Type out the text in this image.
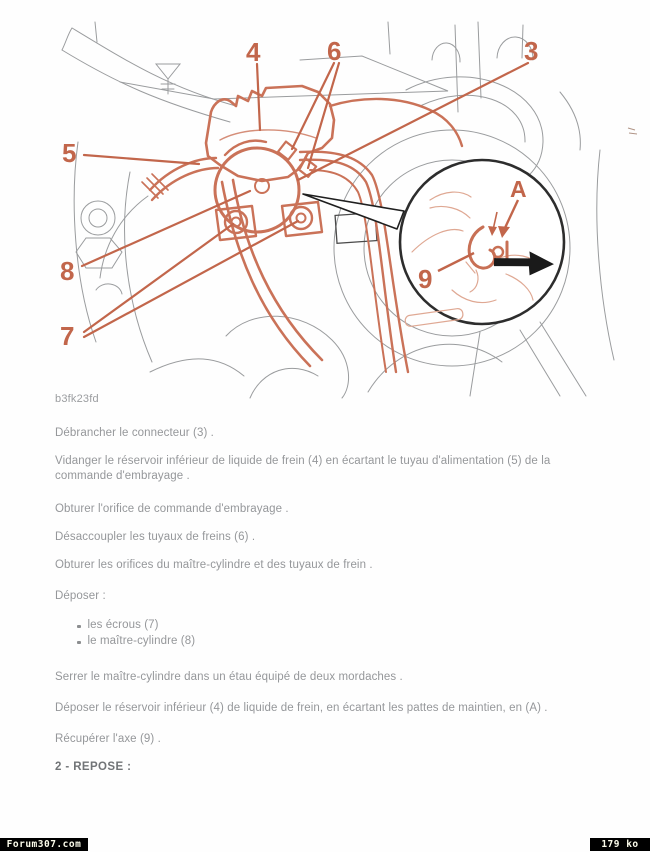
4	6	3
5
8
7
9
A
b3fk23fd

Débrancher le connecteur (3) .

Vidanger le réservoir inférieur de liquide de frein (4) en écartant le tuyau d'alimentation (5) de la commande d'embrayage .

Obturer l'orifice de commande d'embrayage .

Désaccoupler les tuyaux de freins (6) .

Obturer les orifices du maître-cylindre et des tuyaux de frein .

Déposer :

les écrous (7)
le maître-cylindre (8)

Serrer le maître-cylindre dans un étau équipé de deux mordaches .

Déposer le réservoir inférieur (4) de liquide de frein, en écartant les pattes de maintien, en (A) .

Récupérer l'axe (9) .

2 - REPOSE :
Forum307.com	179 ko
